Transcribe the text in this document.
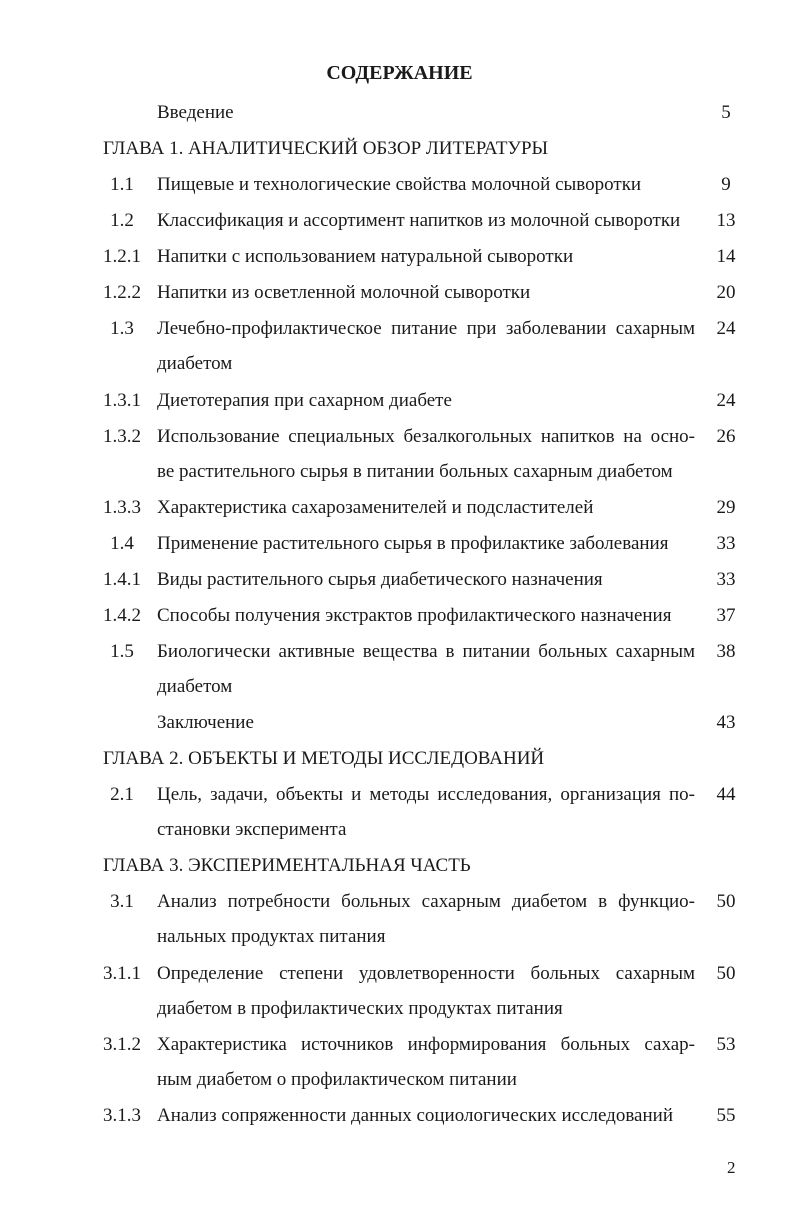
СОДЕРЖАНИЕ
Введение	5
ГЛАВА 1. АНАЛИТИЧЕСКИЙ ОБЗОР ЛИТЕРАТУРЫ
1.1	Пищевые и технологические свойства молочной сыворотки	9
1.2	Классификация и ассортимент напитков из молочной сыворотки	13
1.2.1 Напитки с использованием натуральной сыворотки	14
1.2.2 Напитки из осветленной молочной сыворотки	20
1.3	Лечебно-профилактическое питание при заболевании сахарным	24
диабетом
1.3.1 Диетотерапия при сахарном диабете	24
1.3.2 Использование специальных безалкогольных напитков на осно-	26
ве растительного сырья в питании больных сахарным диабетом
1.3.3 Характеристика сахарозаменителей и подсластителей	29
1.4	Применение растительного сырья в профилактике заболевания	33
1.4.1 Виды растительного сырья диабетического назначения	33
1.4.2 Способы получения экстрактов профилактического назначения	37
1.5	Биологически активные вещества в питании больных сахарным	38
диабетом
Заключение	43
ГЛАВА 2. ОБЪЕКТЫ И МЕТОДЫ ИССЛЕДОВАНИЙ
2.1	Цель, задачи, объекты и методы исследования, организация по-	44
становки эксперимента
ГЛАВА 3. ЭКСПЕРИМЕНТАЛЬНАЯ ЧАСТЬ
3.1	Анализ потребности больных сахарным диабетом в функцио-	50
нальных продуктах питания
3.1.1 Определение степени удовлетворенности больных сахарным	50
диабетом в профилактических продуктах питания
3.1.2 Характеристика источников информирования больных сахар-	53
ным диабетом о профилактическом питании
3.1.3 Анализ сопряженности данных социологических исследований	55
2
